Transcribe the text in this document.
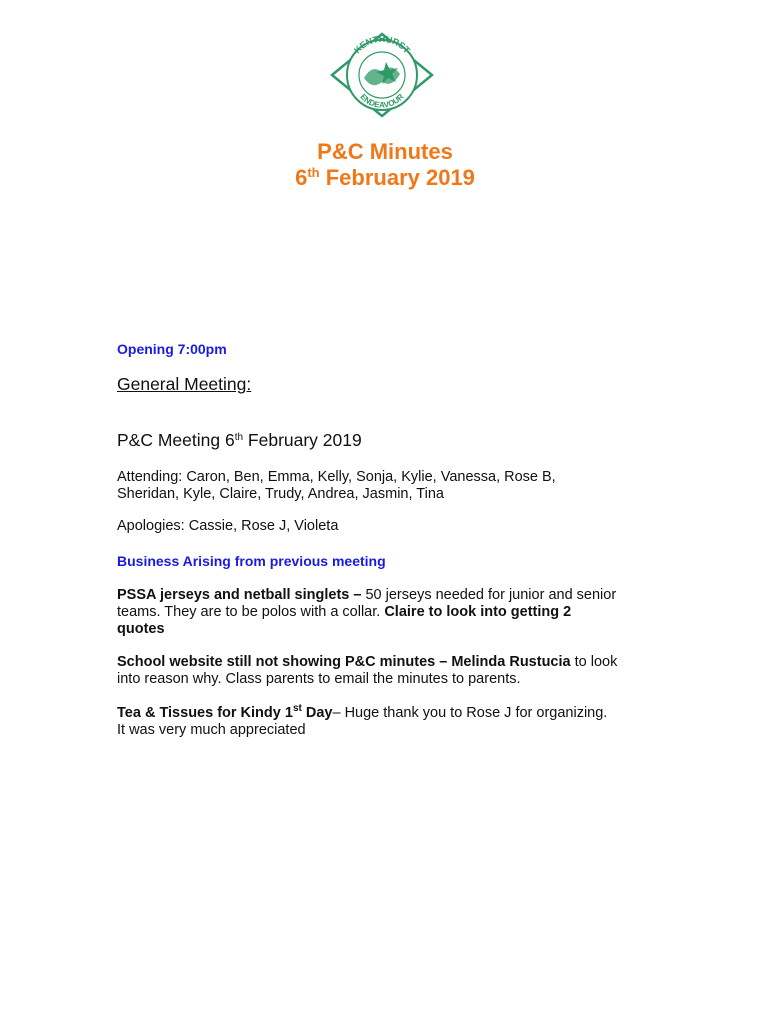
KENTHURST
ENDEAVOUR
P&C Minutes
6th February 2019
Opening 7:00pm
General Meeting:
P&C Meeting 6th February 2019
Attending: Caron, Ben, Emma, Kelly, Sonja, Kylie, Vanessa, Rose B,
Sheridan, Kyle, Claire, Trudy, Andrea, Jasmin, Tina
Apologies: Cassie, Rose J, Violeta
Business Arising from previous meeting
PSSA jerseys and netball singlets – 50 jerseys needed for junior and senior
teams. They are to be polos with a collar. Claire to look into getting 2
quotes
School website still not showing P&C minutes – Melinda Rustucia to look
into reason why. Class parents to email the minutes to parents.
Tea & Tissues for Kindy 1st Day– Huge thank you to Rose J for organizing.
It was very much appreciated
